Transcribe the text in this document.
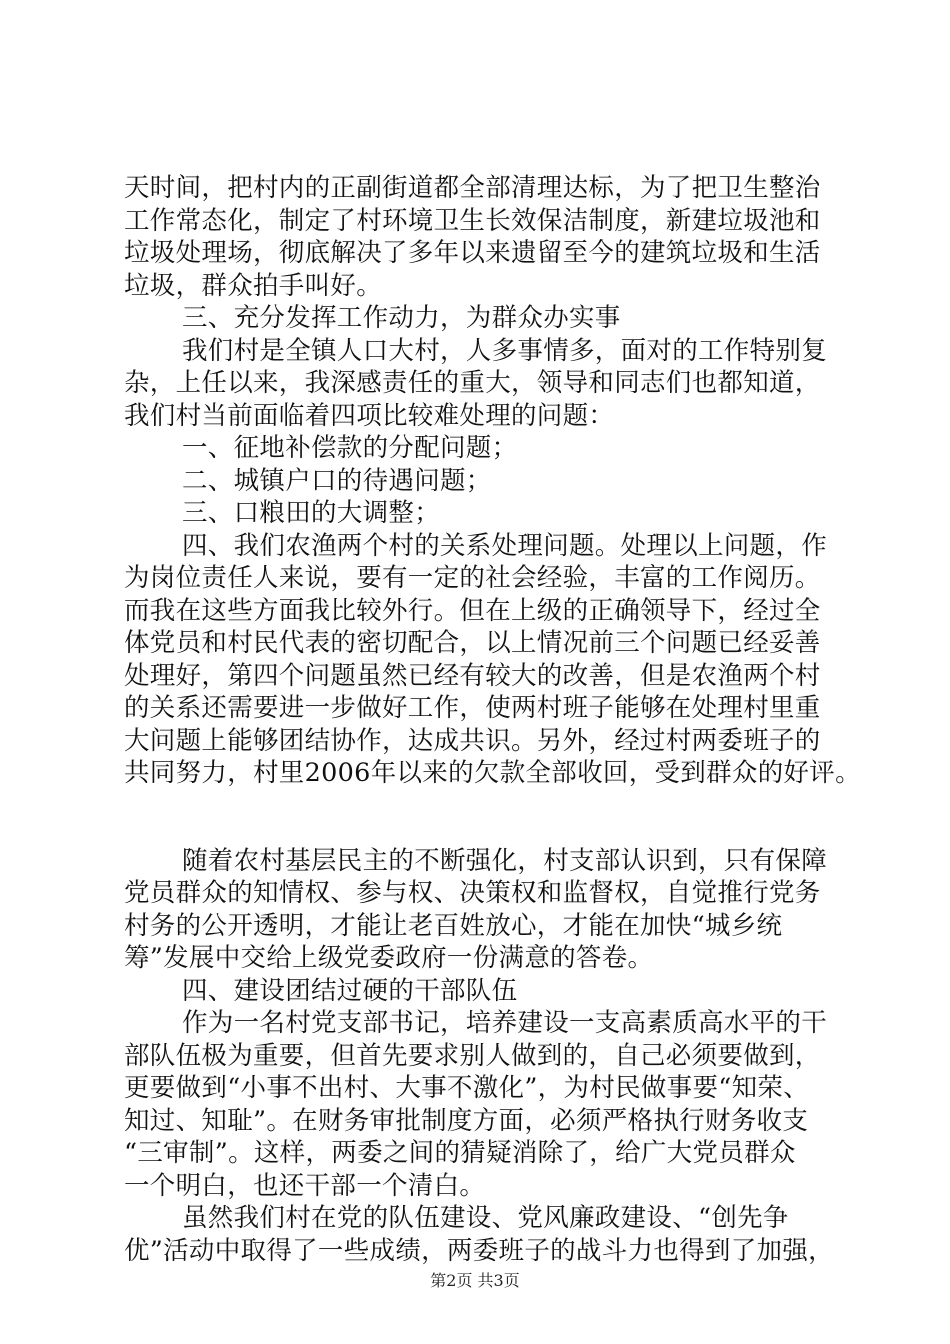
天时间，把村内的正副街道都全部清理达标，为了把卫生整治
工作常态化，制定了村环境卫生长效保洁制度，新建垃圾池和
垃圾处理场，彻底解决了多年以来遗留至今的建筑垃圾和生活
垃圾，群众拍手叫好。
三、充分发挥工作动力，为群众办实事
我们村是全镇人口大村，人多事情多，面对的工作特别复
杂，上任以来，我深感责任的重大，领导和同志们也都知道，
我们村当前面临着四项比较难处理的问题：
一、征地补偿款的分配问题；
二、城镇户口的待遇问题；
三、口粮田的大调整；
四、我们农渔两个村的关系处理问题。处理以上问题，作
为岗位责任人来说，要有一定的社会经验，丰富的工作阅历。
而我在这些方面我比较外行。但在上级的正确领导下，经过全
体党员和村民代表的密切配合，以上情况前三个问题已经妥善
处理好，第四个问题虽然已经有较大的改善，但是农渔两个村
的关系还需要进一步做好工作，使两村班子能够在处理村里重
大问题上能够团结协作，达成共识。另外，经过村两委班子的
共同努力，村里2006年以来的欠款全部收回，受到群众的好评。
随着农村基层民主的不断强化，村支部认识到，只有保障
党员群众的知情权、参与权、决策权和监督权，自觉推行党务
村务的公开透明，才能让老百姓放心，才能在加快“城乡统
筹”发展中交给上级党委政府一份满意的答卷。
四、建设团结过硬的干部队伍
作为一名村党支部书记，培养建设一支高素质高水平的干
部队伍极为重要，但首先要求别人做到的，自己必须要做到，
更要做到“小事不出村、大事不激化”，为村民做事要“知荣、
知过、知耻”。在财务审批制度方面，必须严格执行财务收支
“三审制”。这样，两委之间的猜疑消除了，给广大党员群众
一个明白，也还干部一个清白。
虽然我们村在党的队伍建设、党风廉政建设、“创先争
优”活动中取得了一些成绩，两委班子的战斗力也得到了加强，
第2页 共3页
